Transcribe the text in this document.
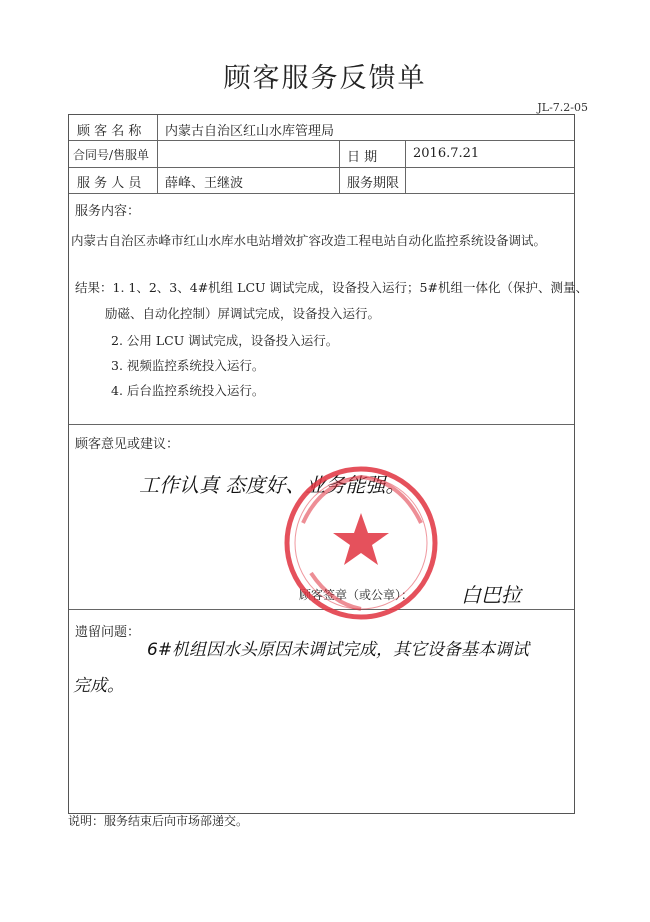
顾客服务反馈单
JL-7.2-05
顾 客 名 称 内蒙古自治区红山水库管理局
合同号/售服单	日 期	2016.7.21
服 务 人 员 薛峰、王继波	服务期限
服务内容：
内蒙古自治区赤峰市红山水库水电站增效扩容改造工程电站自动化监控系统设备调试。
结果：1. 1、2、3、4#机组 LCU 调试完成，设备投入运行；5#机组一体化（保护、测量、
励磁、自动化控制）屏调试完成，设备投入运行。
2. 公用 LCU 调试完成，设备投入运行。
3. 视频监控系统投入运行。
4. 后台监控系统投入运行。
顾客意见或建议：
工作认真 态度好、业务能强。
顾客签章（或公章）： 白巴拉
遗留问题：
6#机组因水头原因未调试完成，其它设备基本调试
完成。
说明：服务结束后向市场部递交。
